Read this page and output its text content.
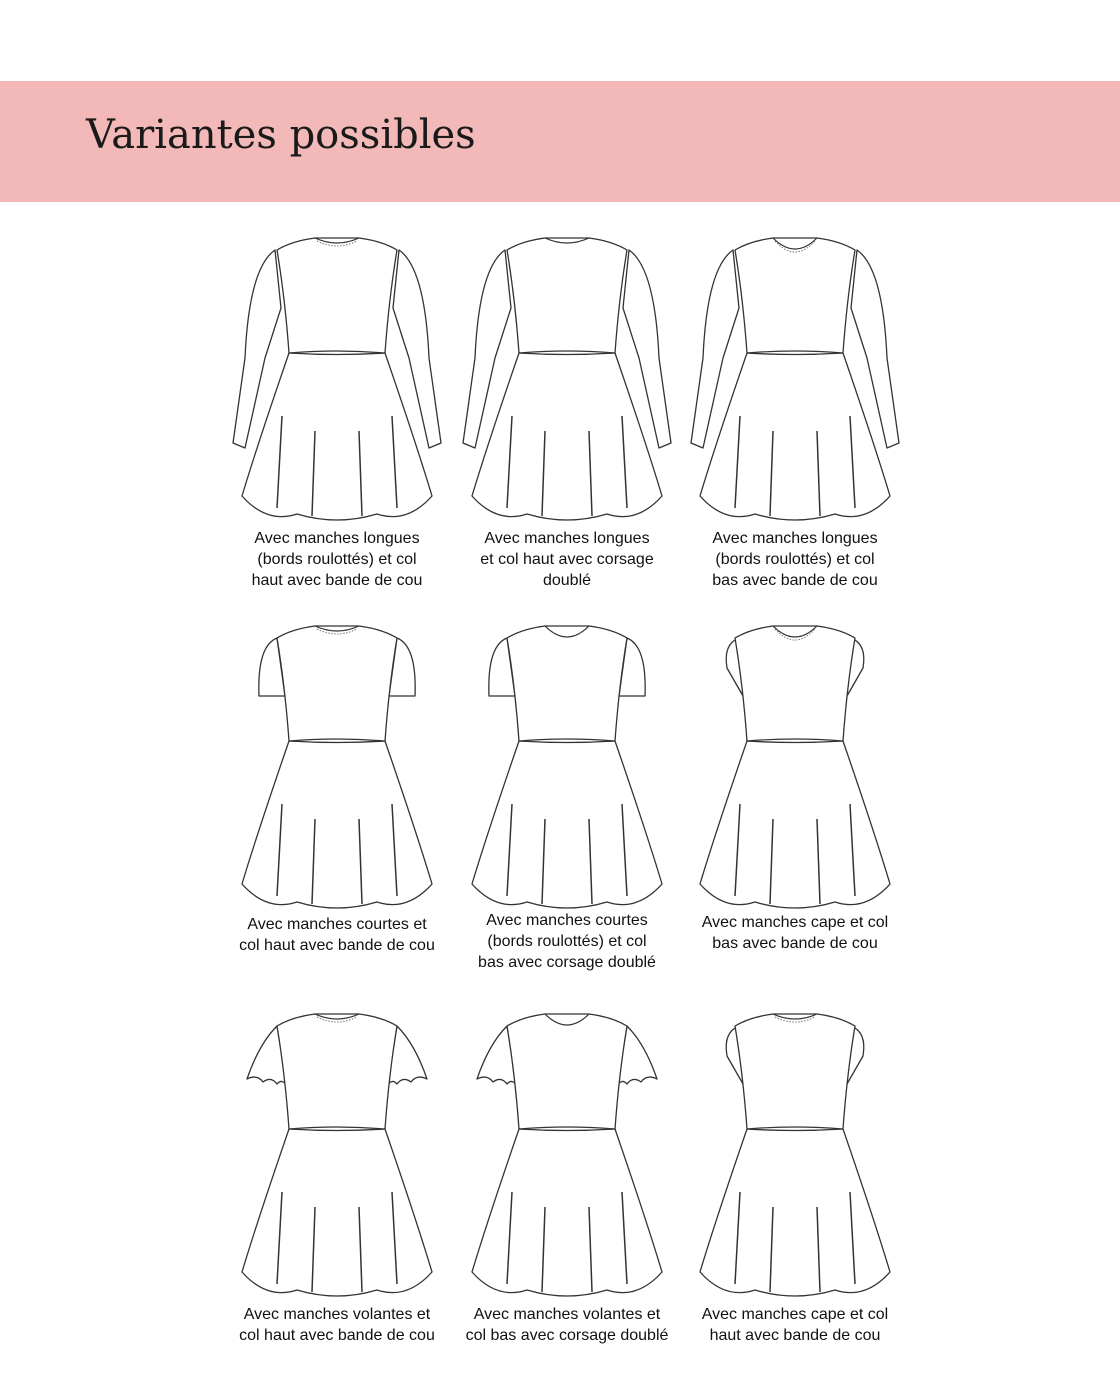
Variantes possibles
Avec manches longues
(bords roulottés) et col
haut avec bande de cou
Avec manches longues
et col haut avec corsage
doublé
Avec manches longues
(bords roulottés) et col
bas avec bande de cou
Avec manches courtes et
col haut avec bande de cou
Avec manches courtes
(bords roulottés) et col
bas avec corsage doublé
Avec manches cape et col
bas avec bande de cou
Avec manches volantes et
col haut avec bande de cou
Avec manches volantes et
col bas avec corsage doublé
Avec manches cape et col
haut avec bande de cou
